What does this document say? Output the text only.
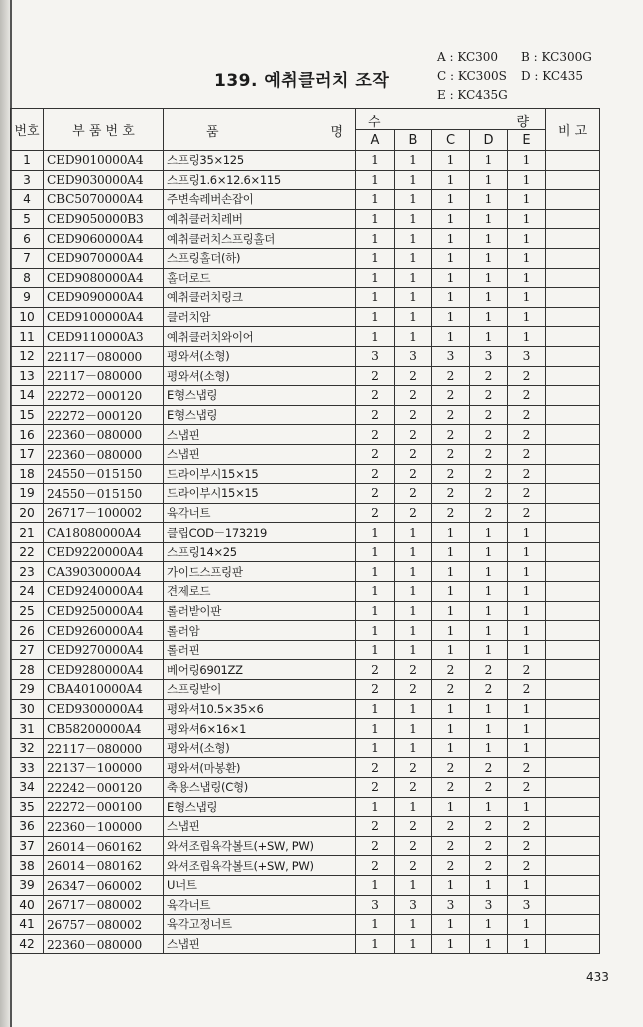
139. 예취클러치 조작
A : KC300 B : KC300G
C : KC300S D : KC435
E : KC435G
번호	부 품 번 호	품 명	수 량					비 고
			A	B	C	D	E	
1	CED9010000A4	스프링35×125	1	1	1	1	1	
3	CED9030000A4	스프링1.6×12.6×115	1	1	1	1	1	
4	CBC5070000A4	주변속레버손잡이	1	1	1	1	1	
5	CED9050000B3	예취클러치레버	1	1	1	1	1	
6	CED9060000A4	예취클러치스프링홀더	1	1	1	1	1	
7	CED9070000A4	스프링홀더(하)	1	1	1	1	1	
8	CED9080000A4	홀더로드	1	1	1	1	1	
9	CED9090000A4	예취클러치링크	1	1	1	1	1	
10	CED9100000A4	클러치암	1	1	1	1	1	
11	CED9110000A3	예취클러치와이어	1	1	1	1	1	
12	22117－080000	평와셔(소형)	3	3	3	3	3	
13	22117－080000	평와셔(소형)	2	2	2	2	2	
14	22272－000120	E형스냅링	2	2	2	2	2	
15	22272－000120	E형스냅링	2	2	2	2	2	
16	22360－080000	스냅핀	2	2	2	2	2	
17	22360－080000	스냅핀	2	2	2	2	2	
18	24550－015150	드라이부시15×15	2	2	2	2	2	
19	24550－015150	드라이부시15×15	2	2	2	2	2	
20	26717－100002	육각너트	2	2	2	2	2	
21	CA18080000A4	클립COD－173219	1	1	1	1	1	
22	CED9220000A4	스프링14×25	1	1	1	1	1	
23	CA39030000A4	가이드스프링판	1	1	1	1	1	
24	CED9240000A4	견제로드	1	1	1	1	1	
25	CED9250000A4	롤러받이판	1	1	1	1	1	
26	CED9260000A4	롤러암	1	1	1	1	1	
27	CED9270000A4	롤러핀	1	1	1	1	1	
28	CED9280000A4	베어링6901ZZ	2	2	2	2	2	
29	CBA4010000A4	스프링받이	2	2	2	2	2	
30	CED9300000A4	평와셔10.5×35×6	1	1	1	1	1	
31	CB58200000A4	평와셔6×16×1	1	1	1	1	1	
32	22117－080000	평와셔(소형)	1	1	1	1	1	
33	22137－100000	평와셔(마봉환)	2	2	2	2	2	
34	22242－000120	축용스냅링(C형)	2	2	2	2	2	
35	22272－000100	E형스냅링	1	1	1	1	1	
36	22360－100000	스냅핀	2	2	2	2	2	
37	26014－060162	와셔조립육각볼트(+SW, PW)	2	2	2	2	2	
38	26014－080162	와셔조립육각볼트(+SW, PW)	2	2	2	2	2	
39	26347－060002	U너트	1	1	1	1	1	
40	26717－080002	육각너트	3	3	3	3	3	
41	26757－080002	육각고정너트	1	1	1	1	1	
42	22360－080000	스냅핀	1	1	1	1	1	
433
